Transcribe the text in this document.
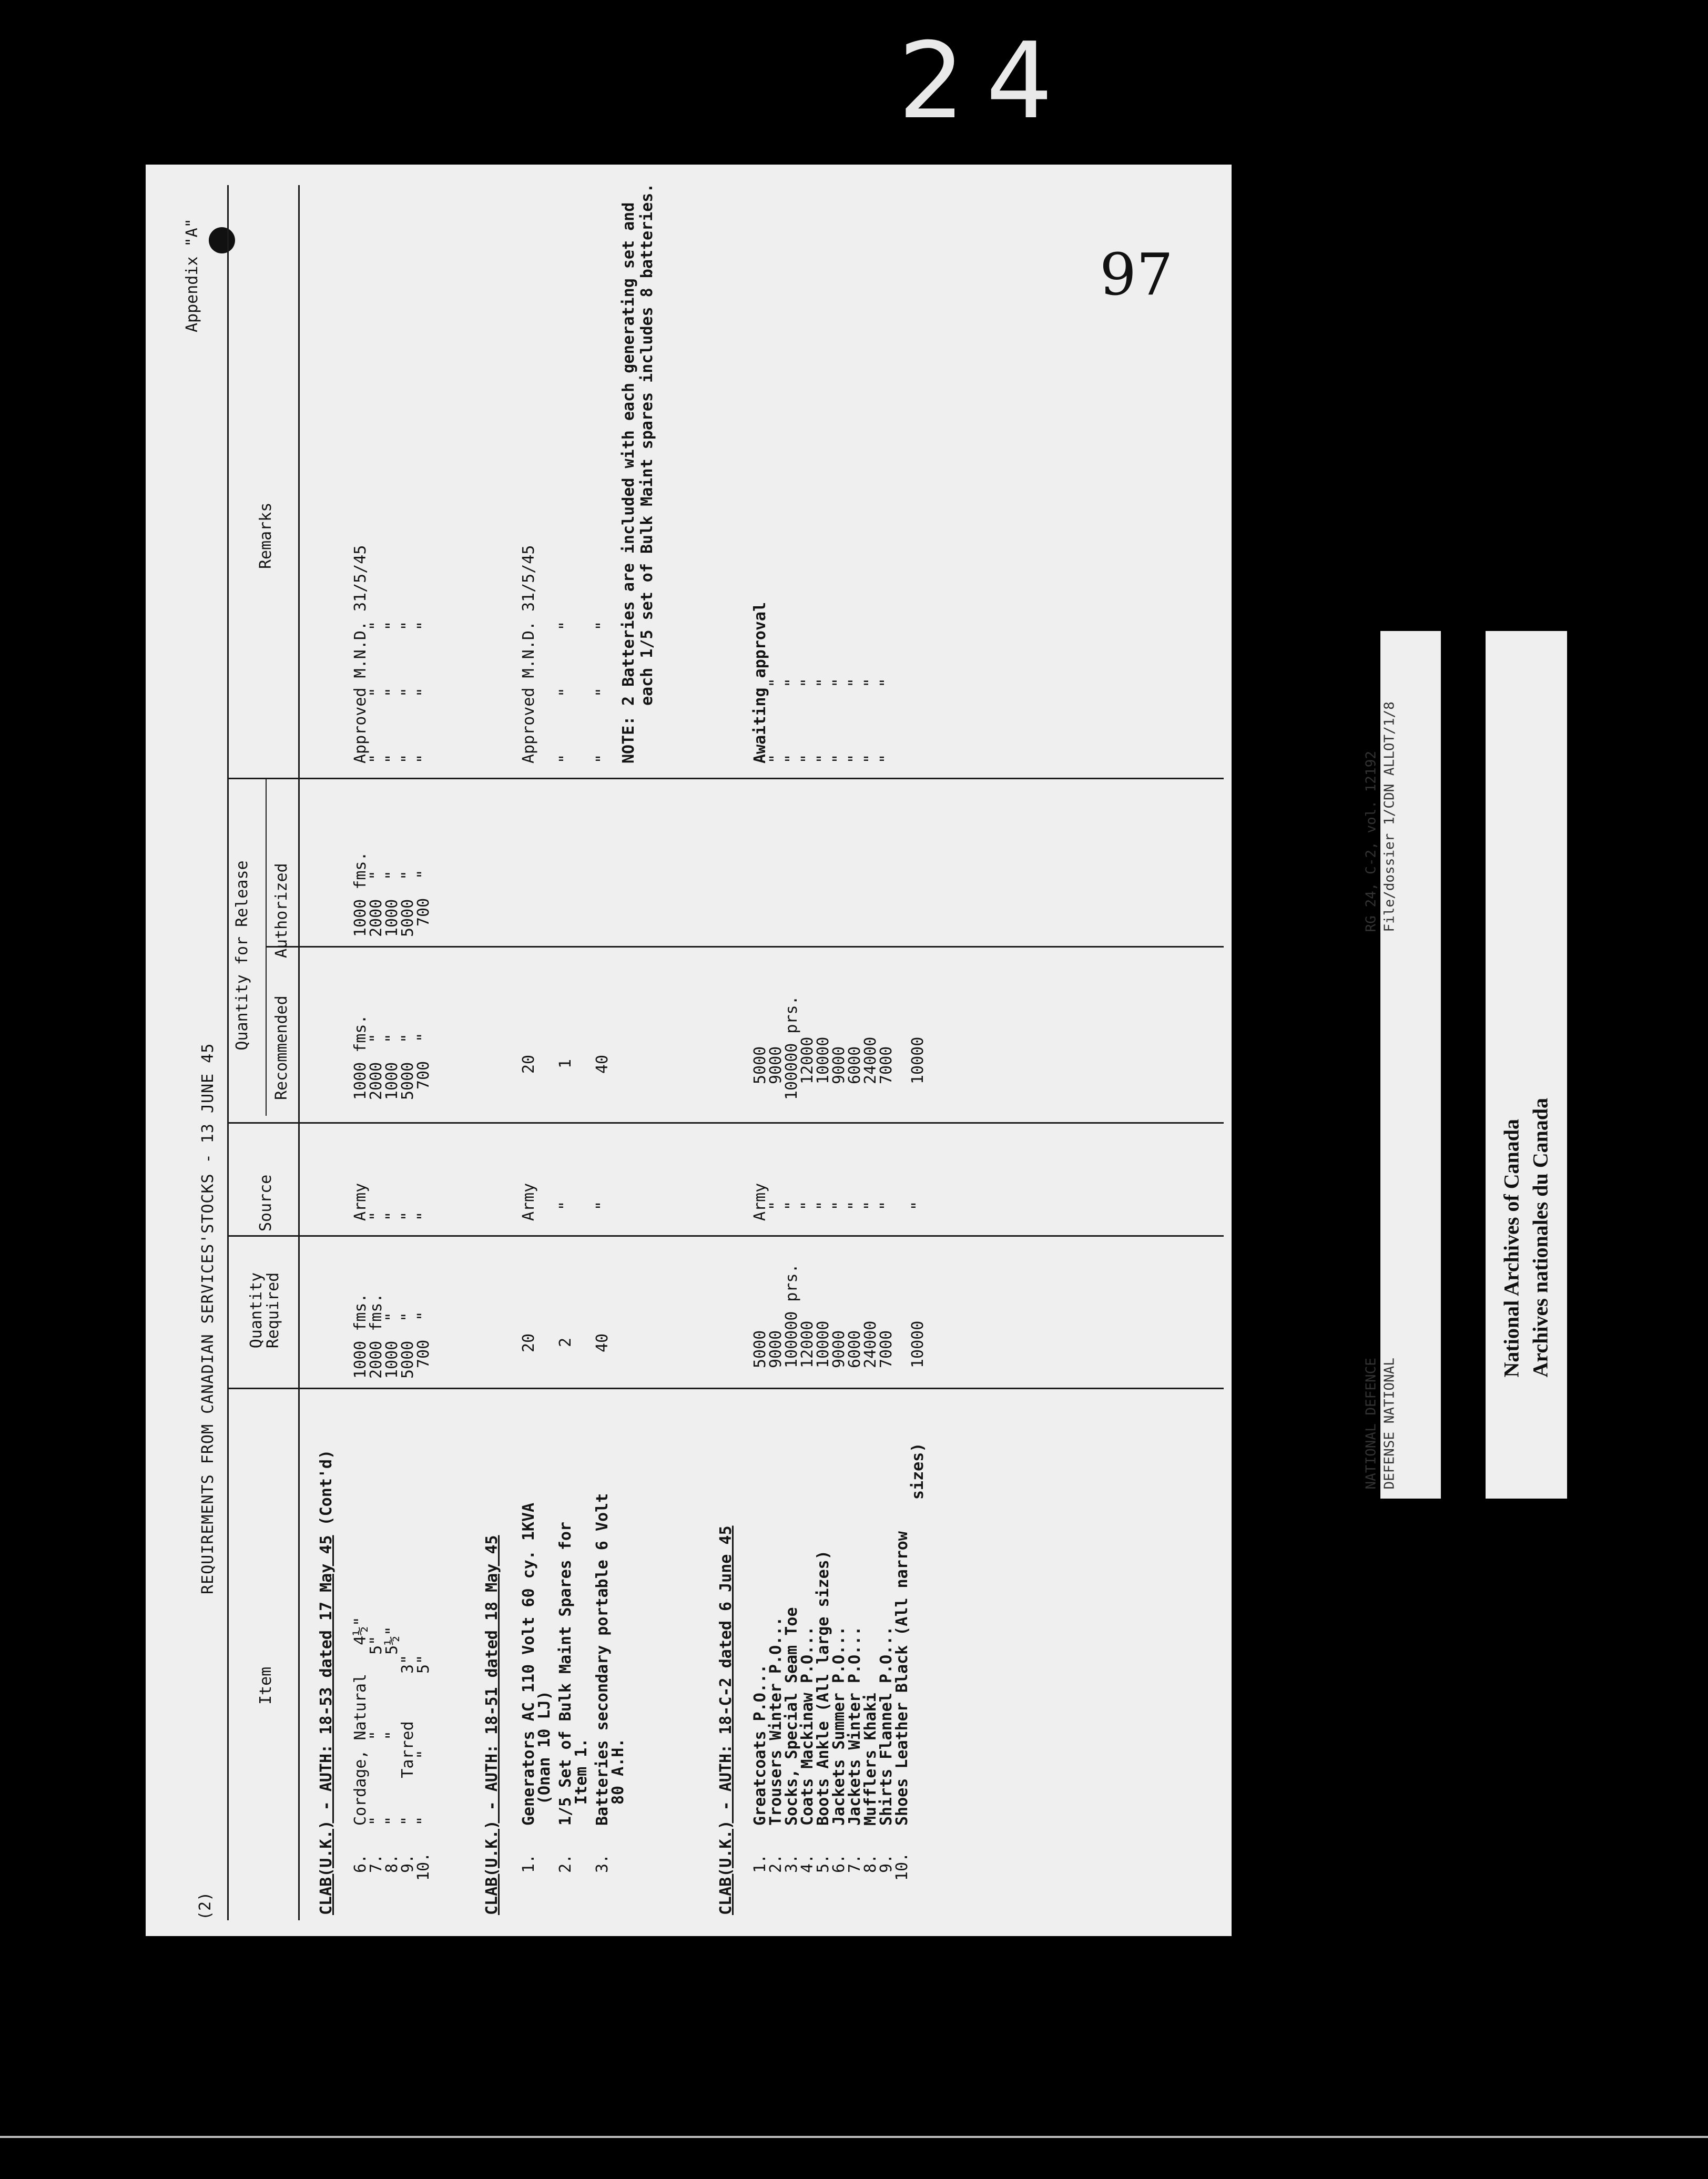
24
(2)
REQUIREMENTS FROM CANADIAN SERVICES'STOCKS - 13 JUNE 45
Appendix "A"	97
Item
Quantity
Required
Source
Quantity for Release Recommended
Authorized
Remarks
CLAB(U.K.) - AUTH: 18-53 dated 17 May 45 (Cont'd)
6.
Cordage, Natural   4½"
1000 fms.
Army
1000 fms.
1000 fms.
Approved M.N.D. 31/5/45
7.
"        "        5"
2000 fms.
"
2000  "
2000  "
"      "      "
8.
"        "        5½"
1000  "
"
1000  "
1000  "
"      "      "
9.
"    Tarred     3"
5000  "
"
5000  "
5000  "
"      "      "
10.
"      "        5"
700  "
"
700  "
700  "
"      "      "
CLAB(U.K.) - AUTH: 18-51 dated 18 May 45 1.
Generators AC 110 Volt 60 cy. 1KVA
(Onan 10 LJ)
20
Army
20
Approved M.N.D. 31/5/45
2.
1/5 Set of Bulk Maint Spares for
Item 1.
2
"
1
"      "      "
3.
Batteries secondary portable 6 Volt
80 A.H.
40
"
40
"      "      " NOTE:
2 Batteries are included with each generating set and each 1/5 set of Bulk Maint spares includes 8 batteries.
CLAB(U.K.) - AUTH: 18-C-2 dated 6 June 45 1.
Greatcoats P.O...
5000
Army
5000
Awaiting approval
2.
Trousers Winter P.O...
9000
"
9000
"       "
3.
Socks, Special Seam Toe
100000 prs.
"
100000 prs.
"       "
4.
Coats Mackinaw P.O...
12000
"
12000
"       "
5.
Boots Ankle (All large sizes)
10000
"
10000
"       "
6.
Jackets Summer P.O...
9000
"
9000
"       "
7.
Jackets Winter P.O...
6000
"
6000
"       "
8.
Mufflers Khaki
24000
"
24000
"       "
9.
Shirts Flannel P.O...
7000
"
7000
"       "
10.
Shoes Leather Black (All narrow
sizes)
10000
"
10000
NATIONAL DEFENCE DEFENSE NATIONAL
RG 24, C-2, vol. 12192 File/dossier 1/CDN ALLOT/1/8
National Archives of Canada Archives nationales du Canada
